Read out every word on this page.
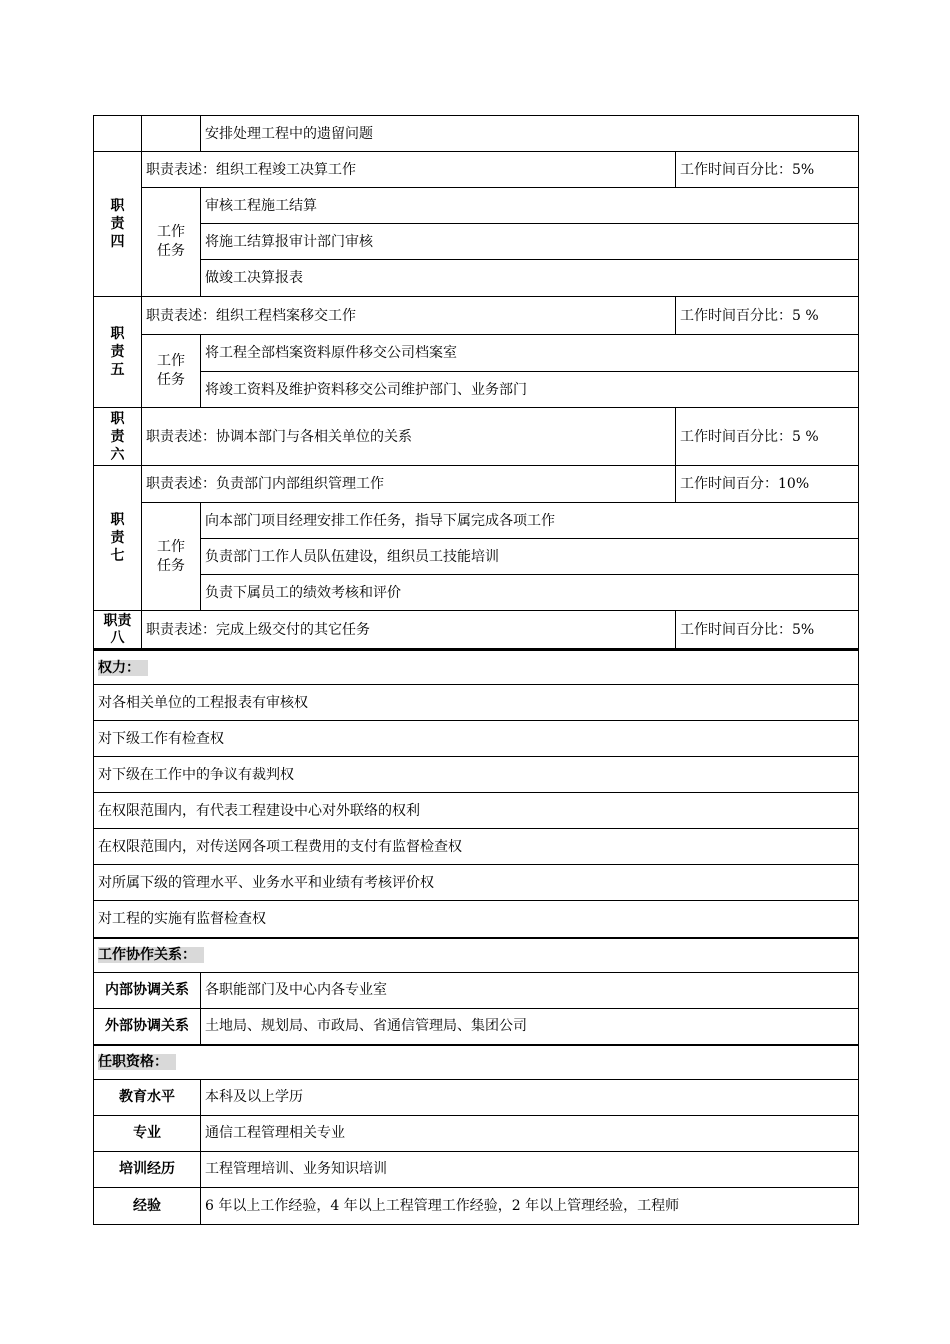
		安排处理工程中的遗留问题	

职责四	职责表述：组织工程竣工决算工作		工作时间百分比：5%

	工作任务	审核工程施工结算	
		将施工结算报审计部门审核	
		做竣工决算报表	

职责五	职责表述：组织工程档案移交工作		工作时间百分比：5 %

	工作任务	将工程全部档案资料原件移交公司档案室	
		将竣工资料及维护资料移交公司维护部门、业务部门	

职责六	职责表述：协调本部门与各相关单位的关系		工作时间百分比：5 %

职责七	职责表述：负责部门内部组织管理工作		工作时间百分：10%

	工作任务	向本部门项目经理安排工作任务，指导下属完成各项工作	
		负责部门工作人员队伍建设，组织员工技能培训	
		负责下属员工的绩效考核和评价	

职责八	职责表述：完成上级交付的其它任务		工作时间百分比：5%
权力：	
对各相关单位的工程报表有审核权	
对下级工作有检查权	
对下级在工作中的争议有裁判权	
在权限范围内，有代表工程建设中心对外联络的权利	
在权限范围内，对传送网各项工程费用的支付有监督检查权	
对所属下级的管理水平、业务水平和业绩有考核评价权	
对工程的实施有监督检查权	
工作协作关系：	
内部协调关系	各职能部门及中心内各专业室
外部协调关系	土地局、规划局、市政局、省通信管理局、集团公司
任职资格：	
教育水平	本科及以上学历
专业	通信工程管理相关专业
培训经历	工程管理培训、业务知识培训
经验	6 年以上工作经验，4 年以上工程管理工作经验，2 年以上管理经验，工程师
